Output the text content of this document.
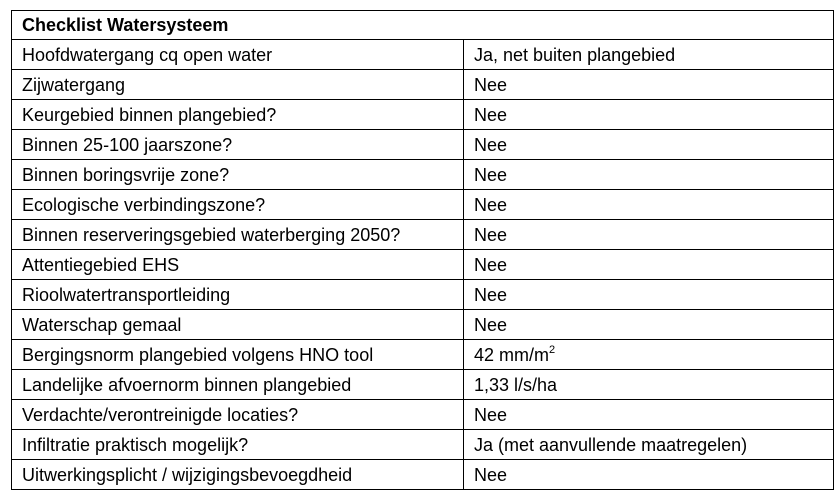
Checklist Watersysteem	
Hoofdwatergang cq open water	Ja, net buiten plangebied
Zijwatergang	Nee
Keurgebied binnen plangebied?	Nee
Binnen 25-100 jaarszone?	Nee
Binnen boringsvrije zone?	Nee
Ecologische verbindingszone?	Nee
Binnen reserveringsgebied waterberging 2050?	Nee
Attentiegebied EHS	Nee
Rioolwatertransportleiding	Nee
Waterschap gemaal	Nee
Bergingsnorm plangebied volgens HNO tool	42 $mm/m^2$
Landelijke afvoernorm binnen plangebied	1,33 l/s/ha
Verdachte/verontreinigde locaties?	Nee
Infiltratie praktisch mogelijk?	Ja (met aanvullende maatregelen)
Uitwerkingsplicht / wijzigingsbevoegdheid	Nee
